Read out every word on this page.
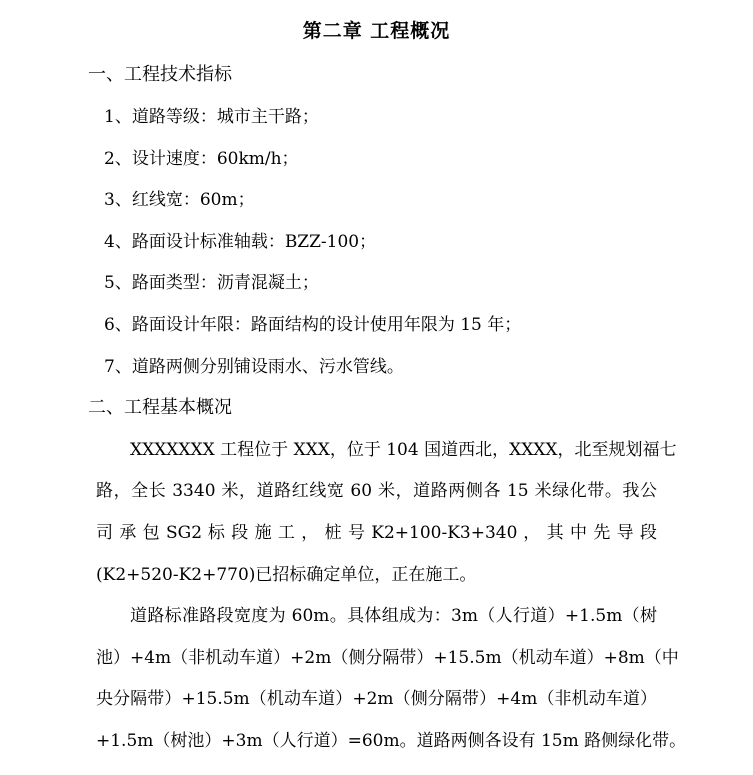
第二章 工程概况
一、工程技术指标
1、道路等级：城市主干路；
2、设计速度：60km/h；
3、红线宽：60m；
4、路面设计标准轴载：BZZ-100；
5、路面类型：沥青混凝土；
6、路面设计年限：路面结构的设计使用年限为 15 年；
7、道路两侧分别铺设雨水、污水管线。
二、工程基本概况
XXXXXXX 工程位于 XXX，位于 104 国道西北，XXXX，北至规划福七
路，全长 3340 米，道路红线宽 60 米，道路两侧各 15 米绿化带。我公
司 承 包 SG2 标 段 施 工 ， 桩 号 K2+100-K3+340 ， 其 中 先 导 段
(K2+520-K2+770)已招标确定单位，正在施工。
道路标准路段宽度为 60m。具体组成为：3m（人行道）+1.5m（树
池）+4m（非机动车道）+2m（侧分隔带）+15.5m（机动车道）+8m（中
央分隔带）+15.5m（机动车道）+2m（侧分隔带）+4m（非机动车道）
+1.5m（树池）+3m（人行道）=60m。道路两侧各设有 15m 路侧绿化带。
